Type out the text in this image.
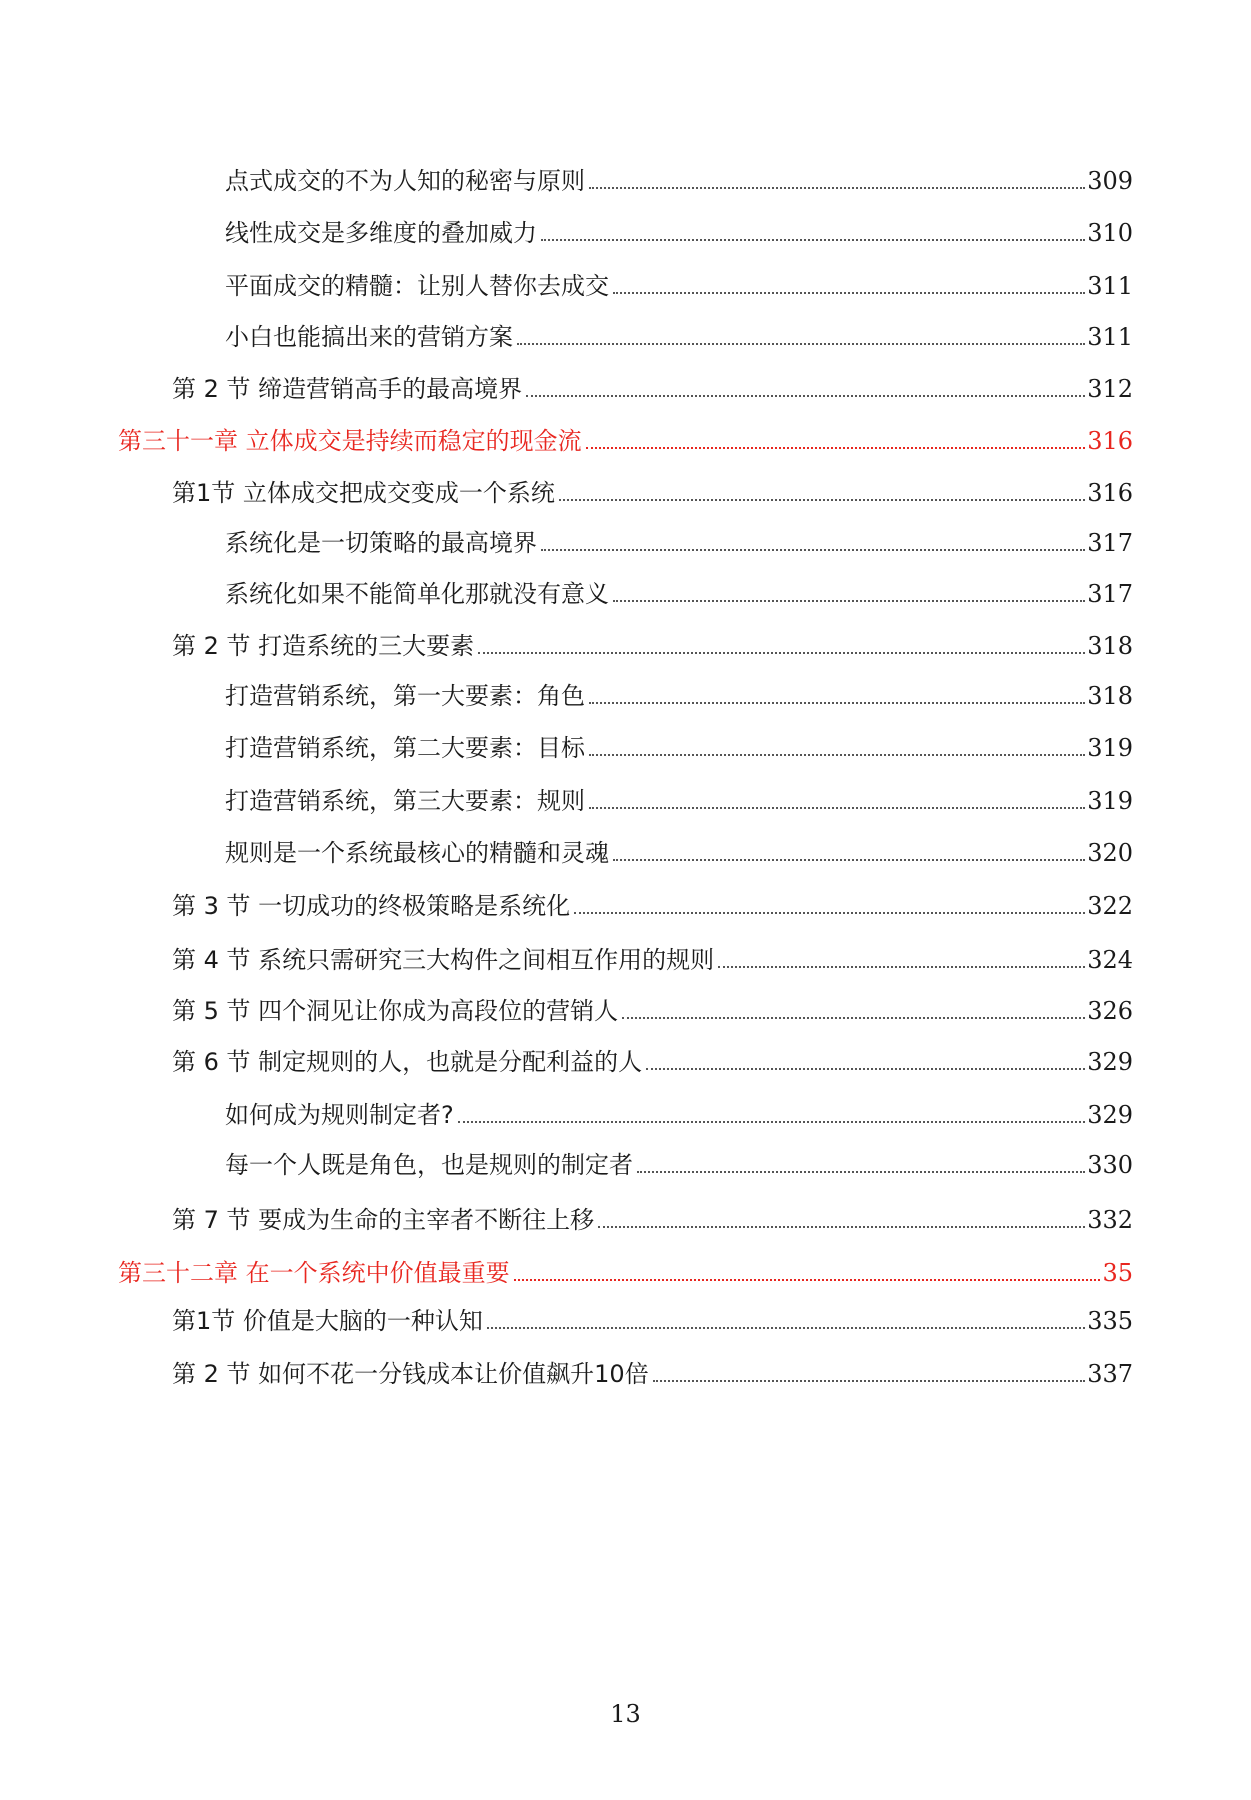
点式成交的不为人知的秘密与原则	309
线性成交是多维度的叠加威力	310
平面成交的精髓：让别人替你去成交	311
小白也能搞出来的营销方案	311
第 2 节 缔造营销高手的最高境界	312
第三十一章 立体成交是持续而稳定的现金流	316
第1节 立体成交把成交变成一个系统	316
系统化是一切策略的最高境界	317
系统化如果不能简单化那就没有意义	317
第 2 节 打造系统的三大要素	318
打造营销系统，第一大要素：角色	318
打造营销系统，第二大要素：目标	319
打造营销系统，第三大要素：规则	319
规则是一个系统最核心的精髓和灵魂	320
第 3 节 一切成功的终极策略是系统化	322
第 4 节 系统只需研究三大构件之间相互作用的规则	324
第 5 节 四个洞见让你成为高段位的营销人	326
第 6 节 制定规则的人，也就是分配利益的人	329
如何成为规则制定者?	329
每一个人既是角色，也是规则的制定者	330
第 7 节 要成为生命的主宰者不断往上移	332
第三十二章 在一个系统中价值最重要	35
第1节 价值是大脑的一种认知	335
第 2 节 如何不花一分钱成本让价值飙升10倍	337
13
